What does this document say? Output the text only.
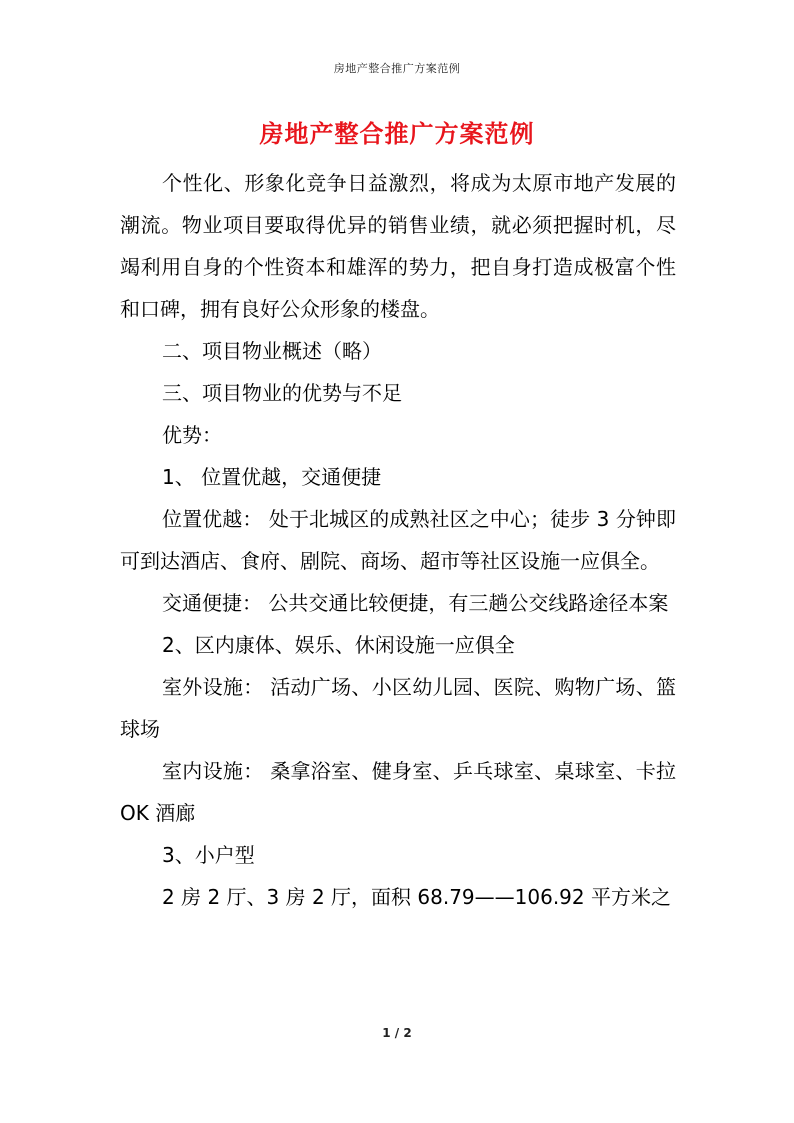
房地产整合推广方案范例
房地产整合推广方案范例

个性化、形象化竞争日益激烈，将成为太原市地产发展的潮流。物业项目要取得优异的销售业绩，就必须把握时机，尽竭利用自身的个性资本和雄浑的势力，把自身打造成极富个性和口碑，拥有良好公众形象的楼盘。

二、项目物业概述（略）

三、项目物业的优势与不足

优势：

1、 位置优越，交通便捷

位置优越： 处于北城区的成熟社区之中心；徒步 3 分钟即可到达酒店、食府、剧院、商场、超市等社区设施一应俱全。

交通便捷： 公共交通比较便捷，有三趟公交线路途径本案

2、区内康体、娱乐、休闲设施一应俱全

室外设施： 活动广场、小区幼儿园、医院、购物广场、篮球场

室内设施： 桑拿浴室、健身室、乒乓球室、桌球室、卡拉 OK 酒廊

3、小户型

2 房 2 厅、3 房 2 厅，面积 68.79——106.92 平方米之

1 / 2
